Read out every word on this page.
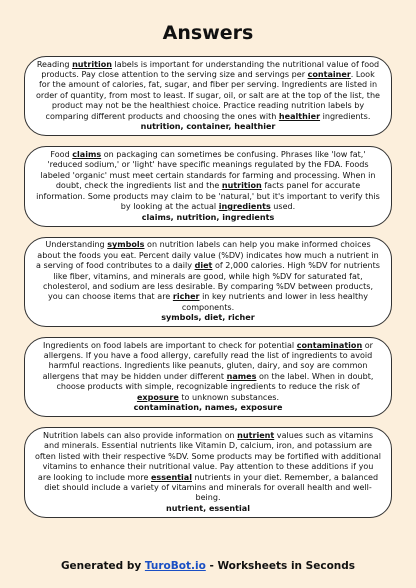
Answers
Reading nutrition labels is important for understanding the nutritional value of food products. Pay close attention to the serving size and servings per container. Look for the amount of calories, fat, sugar, and fiber per serving. Ingredients are listed in order of quantity, from most to least. If sugar, oil, or salt are at the top of the list, the product may not be the healthiest choice. Practice reading nutrition labels by comparing different products and choosing the ones with healthier ingredients.
nutrition, container, healthier
Food claims on packaging can sometimes be confusing. Phrases like 'low fat,' 'reduced sodium,' or 'light' have specific meanings regulated by the FDA. Foods labeled 'organic' must meet certain standards for farming and processing. When in doubt, check the ingredients list and the nutrition facts panel for accurate information. Some products may claim to be 'natural,' but it's important to verify this by looking at the actual ingredients used.
claims, nutrition, ingredients
Understanding symbols on nutrition labels can help you make informed choices about the foods you eat. Percent daily value (%DV) indicates how much a nutrient in a serving of food contributes to a daily diet of 2,000 calories. High %DV for nutrients like fiber, vitamins, and minerals are good, while high %DV for saturated fat, cholesterol, and sodium are less desirable. By comparing %DV between products, you can choose items that are richer in key nutrients and lower in less healthy components.
symbols, diet, richer
Ingredients on food labels are important to check for potential contamination or allergens. If you have a food allergy, carefully read the list of ingredients to avoid harmful reactions. Ingredients like peanuts, gluten, dairy, and soy are common allergens that may be hidden under different names on the label. When in doubt, choose products with simple, recognizable ingredients to reduce the risk of exposure to unknown substances.
contamination, names, exposure
Nutrition labels can also provide information on nutrient values such as vitamins and minerals. Essential nutrients like Vitamin D, calcium, iron, and potassium are often listed with their respective %DV. Some products may be fortified with additional vitamins to enhance their nutritional value. Pay attention to these additions if you are looking to include more essential nutrients in your diet. Remember, a balanced diet should include a variety of vitamins and minerals for overall health and well-being.
nutrient, essential
Generated by TuroBot.io - Worksheets in Seconds
